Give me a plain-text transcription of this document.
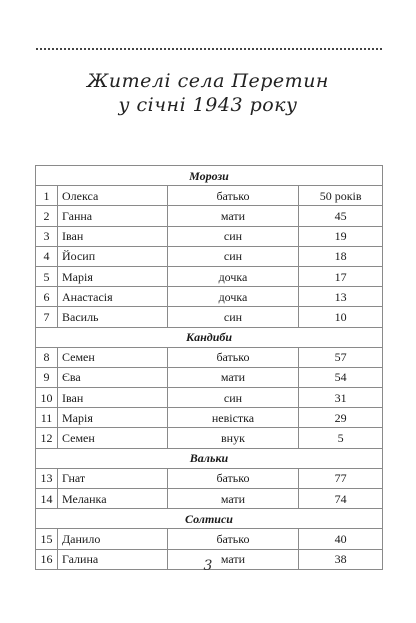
Жителі села Перетин
у січні 1943 року
Морози			
1	Олекса	батько	50 років
2	Ганна	мати	45
3	Іван	син	19
4	Йосип	син	18
5	Марія	дочка	17
6	Анастасія	дочка	13
7	Василь	син	10
Кандиби			
8	Семен	батько	57
9	Єва	мати	54
10	Іван	син	31
11	Марія	невістка	29
12	Семен	внук	5
Вальки			
13	Гнат	батько	77
14	Меланка	мати	74
Солтиси			
15	Данило	батько	40
16	Галина	мати	38
3
